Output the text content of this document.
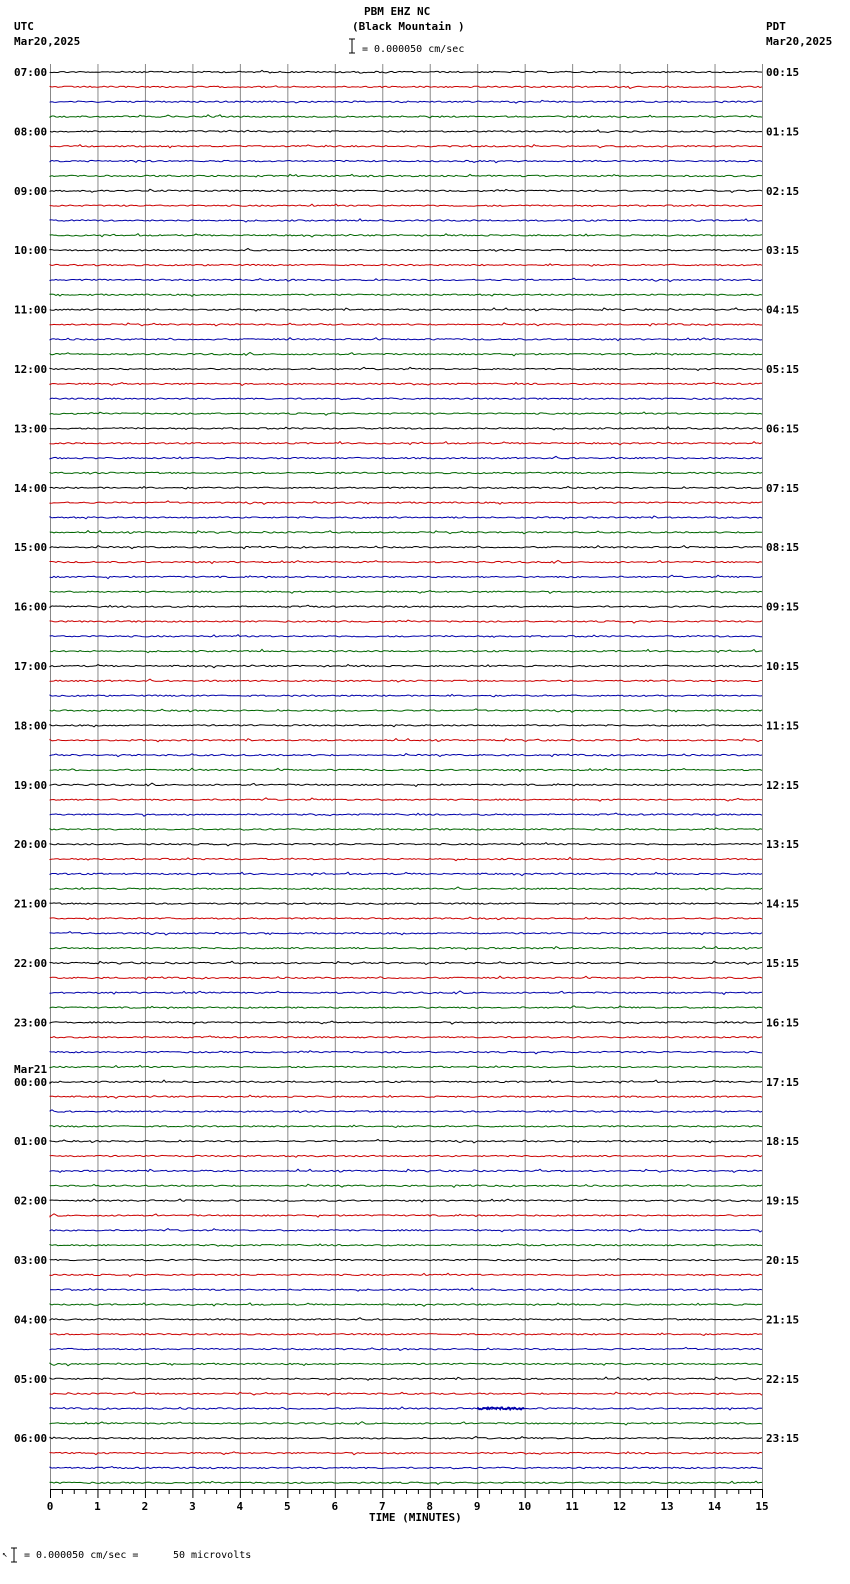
07:00
08:00
09:00
10:00
11:00
12:00
13:00
14:00
15:00
16:00
17:00
18:00
19:00
20:00
21:00
22:00
23:00
00:00
01:00
02:00
03:00
04:00
05:00
06:00
00:15
01:15
02:15
03:15
04:15
05:15
06:15
07:15
08:15
09:15
10:15
11:15
12:15
13:15
14:15
15:15
16:15
17:15
18:15
19:15
20:15
21:15
22:15
23:15
0	1	2	3	4	5	6	7	8	9	10	11	12	13	14	15
PBM EHZ NC
(Black Mountain )
= 0.000050 cm/sec
UTC
Mar20,2025
PDT
Mar20,2025
Mar21
TIME (MINUTES)
↖ = 0.000050 cm/sec =	50 microvolts
